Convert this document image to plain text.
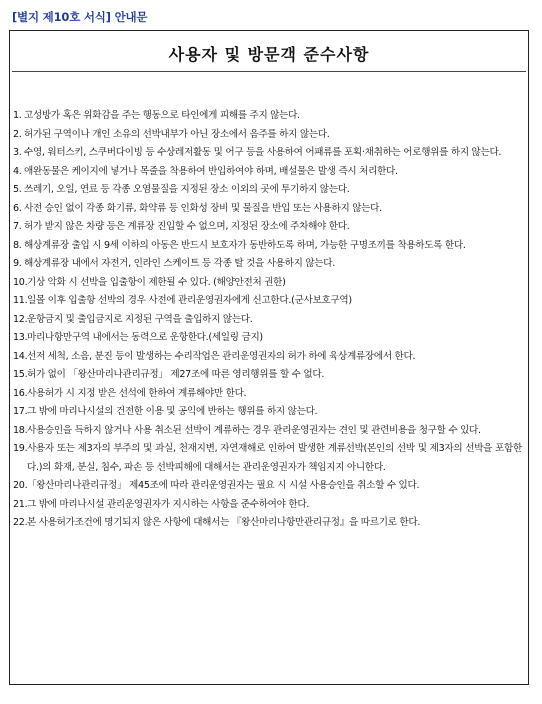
[별지 제10호 서식] 안내문
사용자 및 방문객 준수사항
1. 고성방가 혹은 위화감을 주는 행동으로 타인에게 피해를 주지 않는다.
2. 허가된 구역이나 개인 소유의 선박내부가 아닌 장소에서 음주를 하지 않는다.
3. 수영, 워터스키, 스쿠버다이빙 등 수상레저활동 및 어구 등을 사용하여 어패류를 포획·채취하는 어로행위를 하지 않는다.
4. 애완동물은 케이지에 넣거나 목줄을 착용하여 반입하여야 하며, 배설물은 발생 즉시 처리한다.
5. 쓰레기, 오일, 연료 등 각종 오염물질을 지정된 장소 이외의 곳에 투기하지 않는다.
6. 사전 승인 없이 각종 화기류, 화약류 등 인화성 장비 및 물질을 반입 또는 사용하지 않는다.
7. 허가 받지 않은 차량 등은 계류장 진입할 수 없으며, 지정된 장소에 주차해야 한다.
8. 해상계류장 출입 시 9세 이하의 아동은 반드시 보호자가 동반하도록 하며, 가능한 구명조끼를 착용하도록 한다.
9. 해상계류장 내에서 자전거, 인라인 스케이트 등 각종 탈 것을 사용하지 않는다.
10. 기상 악화 시 선박을 입출항이 제한될 수 있다. (해양안전처 권한)
11. 일몰 이후 입출항 선박의 경우 사전에 관리운영권자에게 신고한다.(군사보호구역)
12. 운항금지 및 출입금지로 지정된 구역을 출입하지 않는다.
13. 마리나항만구역 내에서는 동력으로 운항한다.(세일링 금지)
14. 선저 세척, 소음, 분진 등이 발생하는 수리작업은 관리운영권자의 허가 하에 육상계류장에서 한다.
15. 허가 없이 「왕산마리나관리규정」 제27조에 따른 영리행위를 할 수 없다.
16. 사용허가 시 지정 받은 선석에 한하여 계류해야만 한다.
17. 그 밖에 마리나시설의 건전한 이용 및 공익에 반하는 행위를 하지 않는다.
18. 사용승인을 득하지 않거나 사용 취소된 선박이 계류하는 경우 관리운영권자는 견인 및 관련비용을 청구할 수 있다.
19. 사용자 또는 제3자의 부주의 및 과실, 천재지변, 자연재해로 인하여 발생한 계류선박(본인의 선박 및 제3자의 선박을 포함한다.)의 화재, 분실, 침수, 파손 등 선박피해에 대해서는 관리운영권자가 책임지지 아니한다.
20. 「왕산마리나관리규정」 제45조에 따라 관리운영권자는 필요 시 시설 사용승인을 취소할 수 있다.
21. 그 밖에 마리나시설 관리운영권자가 지시하는 사항을 준수하여야 한다.
22. 본 사용허가조건에 명기되지 않은 사항에 대해서는 『왕산마리나항만관리규정』을 따르기로 한다.
